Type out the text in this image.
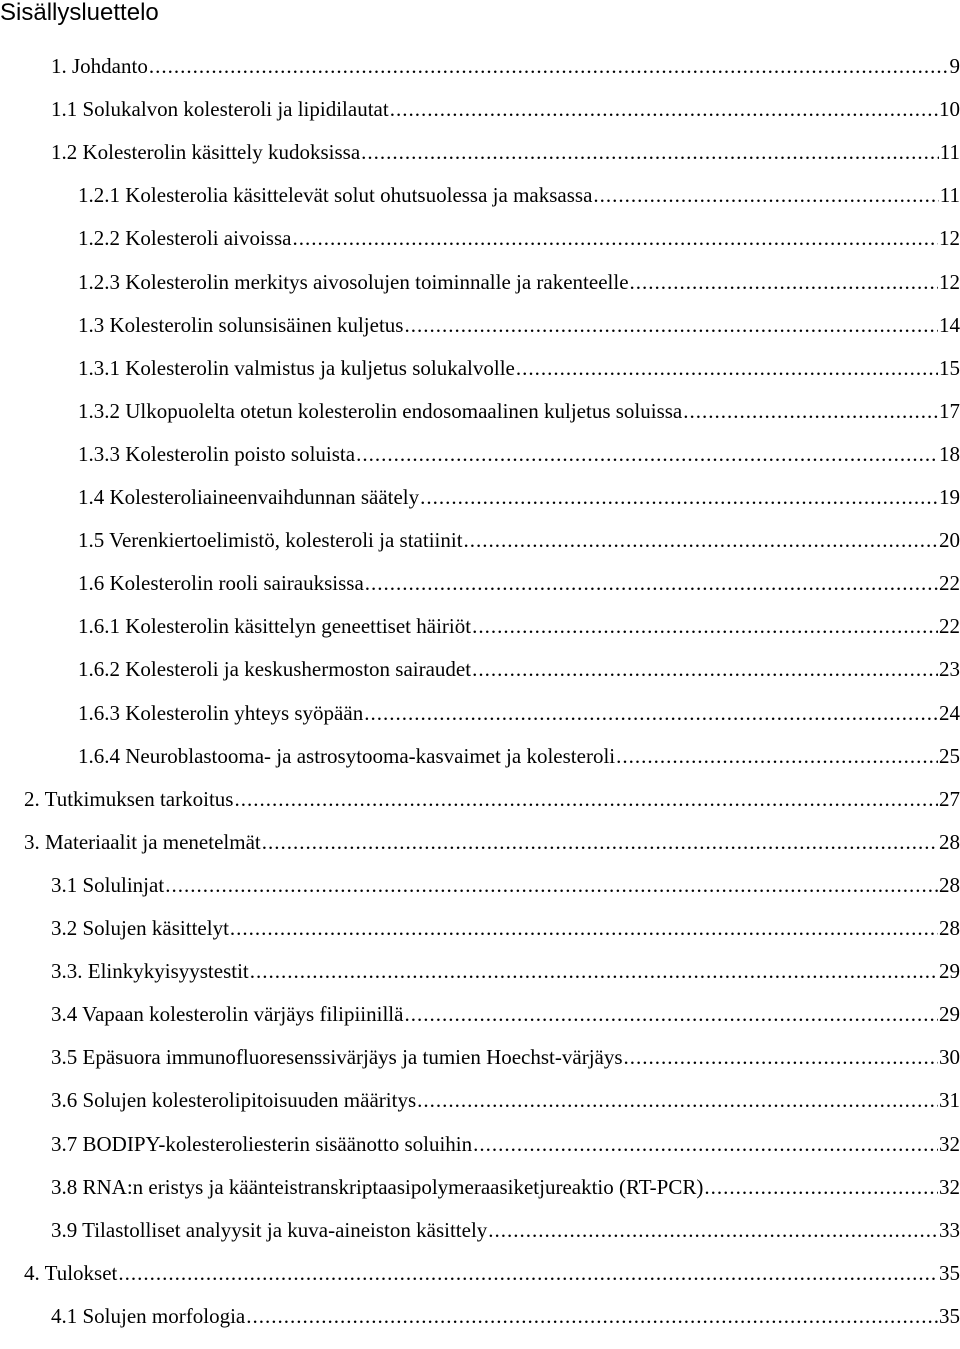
Sisällysluettelo
1. Johdanto .....	9
1.1 Solukalvon kolesteroli ja lipidilautat .....	10
1.2 Kolesterolin käsittely kudoksissa .....	11
1.2.1 Kolesterolia käsittelevät solut ohutsuolessa ja maksassa .....	11
1.2.2 Kolesteroli aivoissa .....	12
1.2.3 Kolesterolin merkitys aivosolujen toiminnalle ja rakenteelle .....	12
1.3 Kolesterolin solunsisäinen kuljetus .....	14
1.3.1 Kolesterolin valmistus ja kuljetus solukalvolle .....	15
1.3.2 Ulkopuolelta otetun kolesterolin endosomaalinen kuljetus soluissa .....	17
1.3.3 Kolesterolin poisto soluista .....	18
1.4 Kolesteroliaineenvaihdunnan säätely .....	19
1.5 Verenkiertoelimistö, kolesteroli ja statiinit .....	20
1.6 Kolesterolin rooli sairauksissa .....	22
1.6.1 Kolesterolin käsittelyn geneettiset häiriöt .....	22
1.6.2 Kolesteroli ja keskushermoston sairaudet .....	23
1.6.3 Kolesterolin yhteys syöpään .....	24
1.6.4 Neuroblastooma- ja astrosytooma-kasvaimet ja kolesteroli .....	25
2. Tutkimuksen tarkoitus .....	27
3. Materiaalit ja menetelmät .....	28
3.1 Solulinjat .....	28
3.2 Solujen käsittelyt .....	28
3.3. Elinkykyisyystestit .....	29
3.4 Vapaan kolesterolin värjäys filipiinillä .....	29
3.5 Epäsuora immunofluoresenssivärjäys ja tumien Hoechst-värjäys .....	30
3.6 Solujen kolesterolipitoisuuden määritys .....	31
3.7 BODIPY-kolesteroliesterin sisäänotto soluihin .....	32
3.8 RNA:n eristys ja käänteistranskriptaasipolymeraasiketjureaktio (RT-PCR) .....	32
3.9 Tilastolliset analyysit ja kuva-aineiston käsittely .....	33
4. Tulokset .....	35
4.1 Solujen morfologia .....	35
